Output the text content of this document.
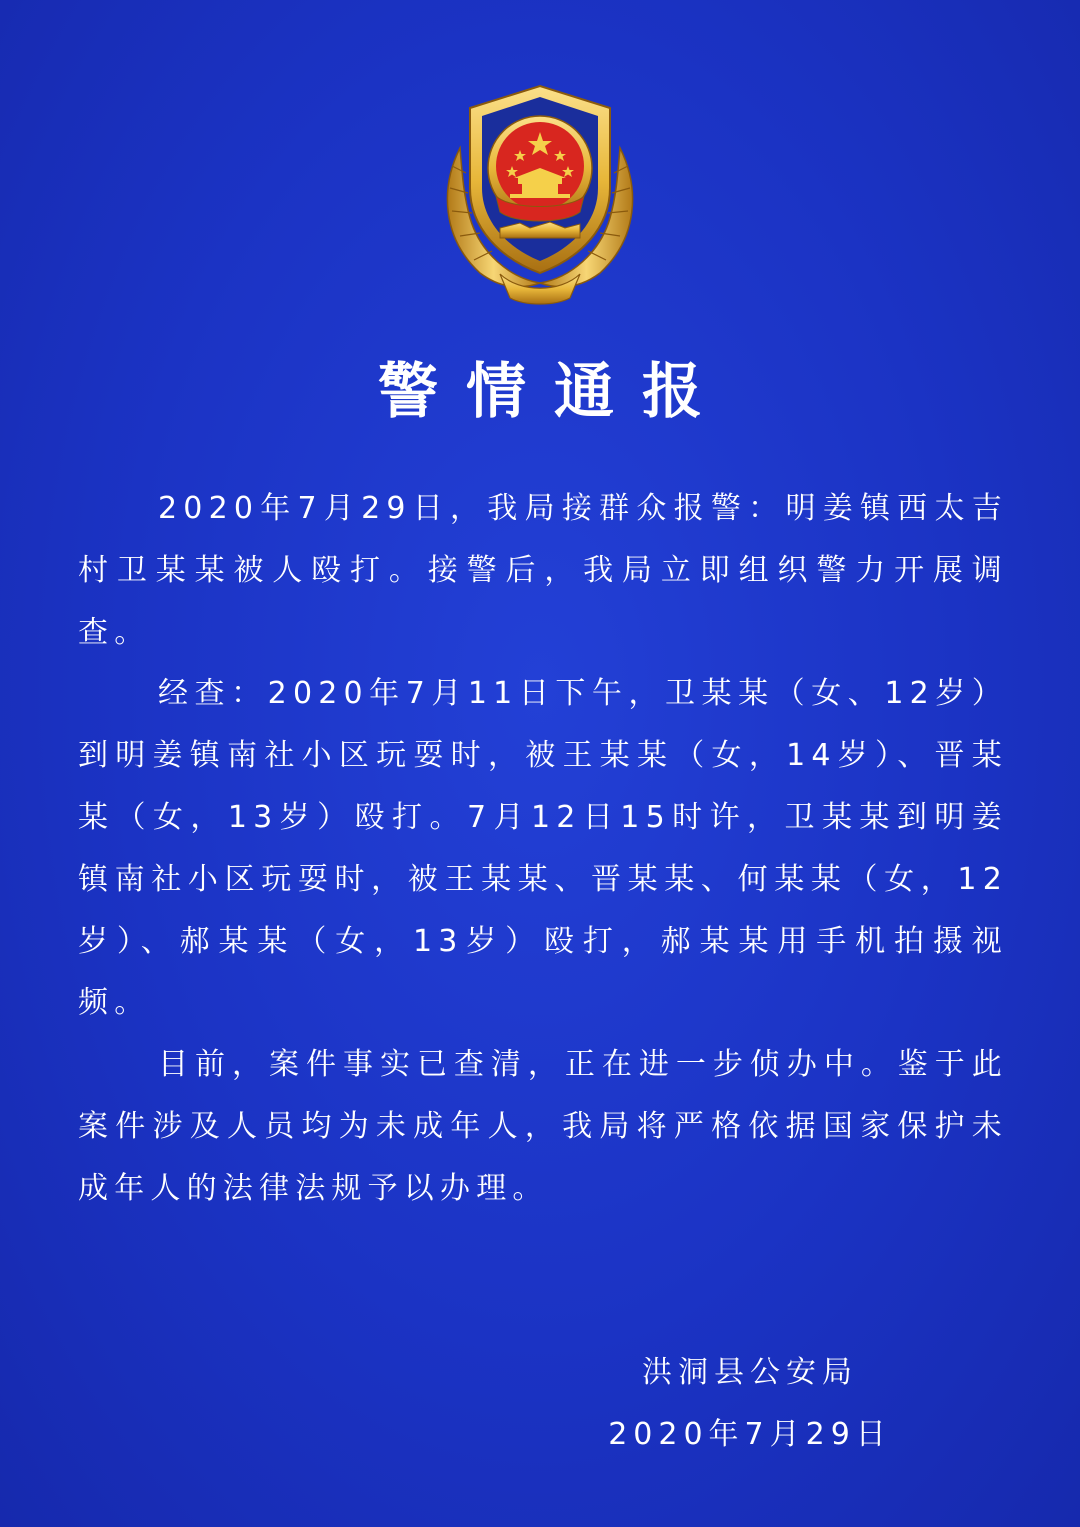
警情通报

2020年7月29日，我局接群众报警：明姜镇西太吉村卫某某被人殴打。接警后，我局立即组织警力开展调查。

经查：2020年7月11日下午，卫某某（女、12岁）到明姜镇南社小区玩耍时，被王某某（女，14岁）、晋某某（女，13岁）殴打。7月12日15时许，卫某某到明姜镇南社小区玩耍时，被王某某、晋某某、何某某（女，12岁）、郝某某（女，13岁）殴打，郝某某用手机拍摄视频。

目前，案件事实已查清，正在进一步侦办中。鉴于此案件涉及人员均为未成年人，我局将严格依据国家保护未成年人的法律法规予以办理。

洪洞县公安局
2020年7月29日
